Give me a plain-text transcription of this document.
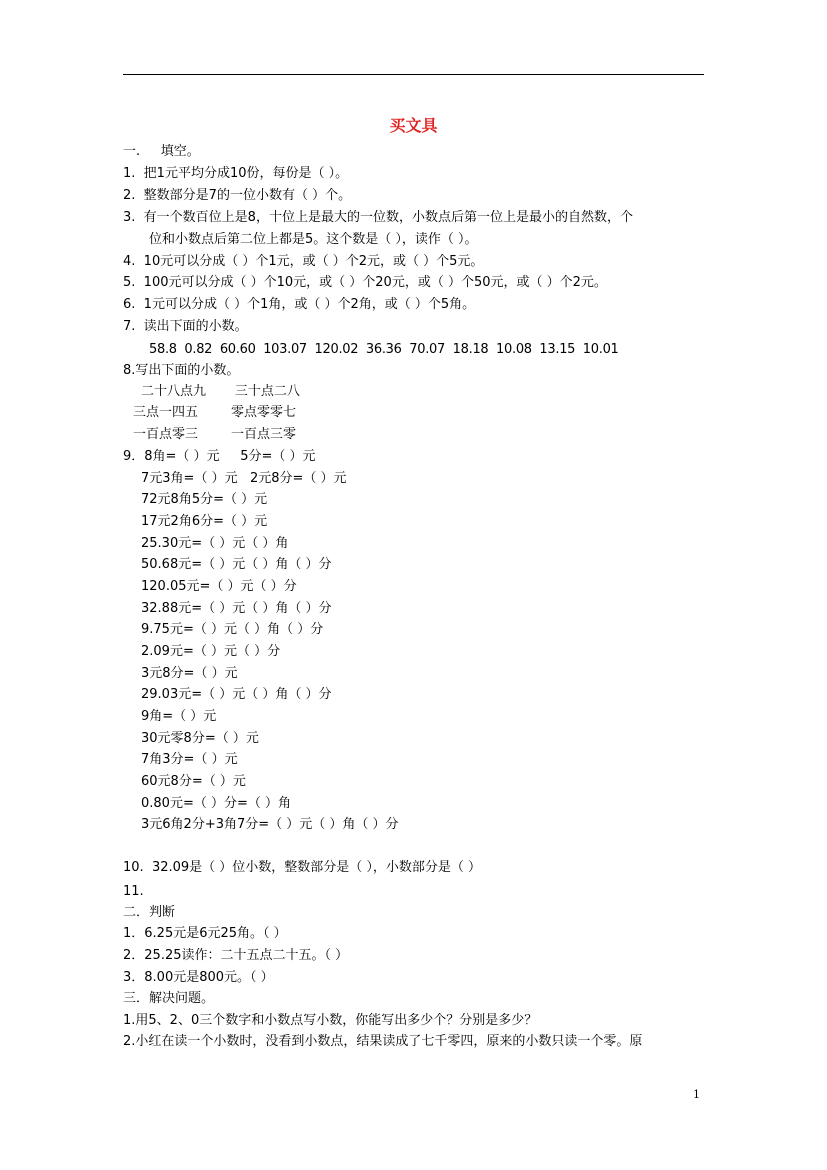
买文具
一.     填空。
1.  把1元平均分成10份，每份是（ ）。
2.  整数部分是7的一位小数有（ ）个。
3.  有一个数百位上是8，十位上是最大的一位数，小数点后第一位上是最小的自然数，个
位和小数点后第二位上都是5。这个数是（ ），读作（ ）。
4.  10元可以分成（ ）个1元，或（ ）个2元，或（ ）个5元。
5.  100元可以分成（ ）个10元，或（ ）个20元，或（ ）个50元，或（ ）个2元。
6.  1元可以分成（ ）个1角，或（ ）个2角，或（ ）个5角。
7.  读出下面的小数。
58.8  0.82  60.60  103.07  120.02  36.36  70.07  18.18  10.08  13.15  10.01
8.写出下面的小数。
二十八点九       三十点二八
三点一四五        零点零零七
一百点零三        一百点三零
9．8角=（ ）元     5分=（ ）元
7元3角=（ ）元   2元8分=（ ）元
72元8角5分=（ ）元
17元2角6分=（ ）元
25.30元=（ ）元（ ）角
50.68元=（ ）元（ ）角（ ）分
120.05元=（ ）元（ ）分
32.88元=（ ）元（ ）角（ ）分
9.75元=（ ）元（ ）角（ ）分
2.09元=（ ）元（ ）分
3元8分=（ ）元
29.03元=（ ）元（ ）角（ ）分
9角=（ ）元
30元零8分=（ ）元
7角3分=（ ）元
60元8分=（ ）元
0.80元=（ ）分=（ ）角
3元6角2分+3角7分=（ ）元（ ）角（ ）分
10.  32.09是（ ）位小数，整数部分是（ ），小数部分是（ ）
11.
二．判断
1．6.25元是6元25角。（ ）
2．25.25读作：二十五点二十五。（ ）
3．8.00元是800元。（ ）
三．解决问题。
1.用5、2、0三个数字和小数点写小数，你能写出多少个？分别是多少？
2.小红在读一个小数时，没看到小数点，结果读成了七千零四，原来的小数只读一个零。原
1
